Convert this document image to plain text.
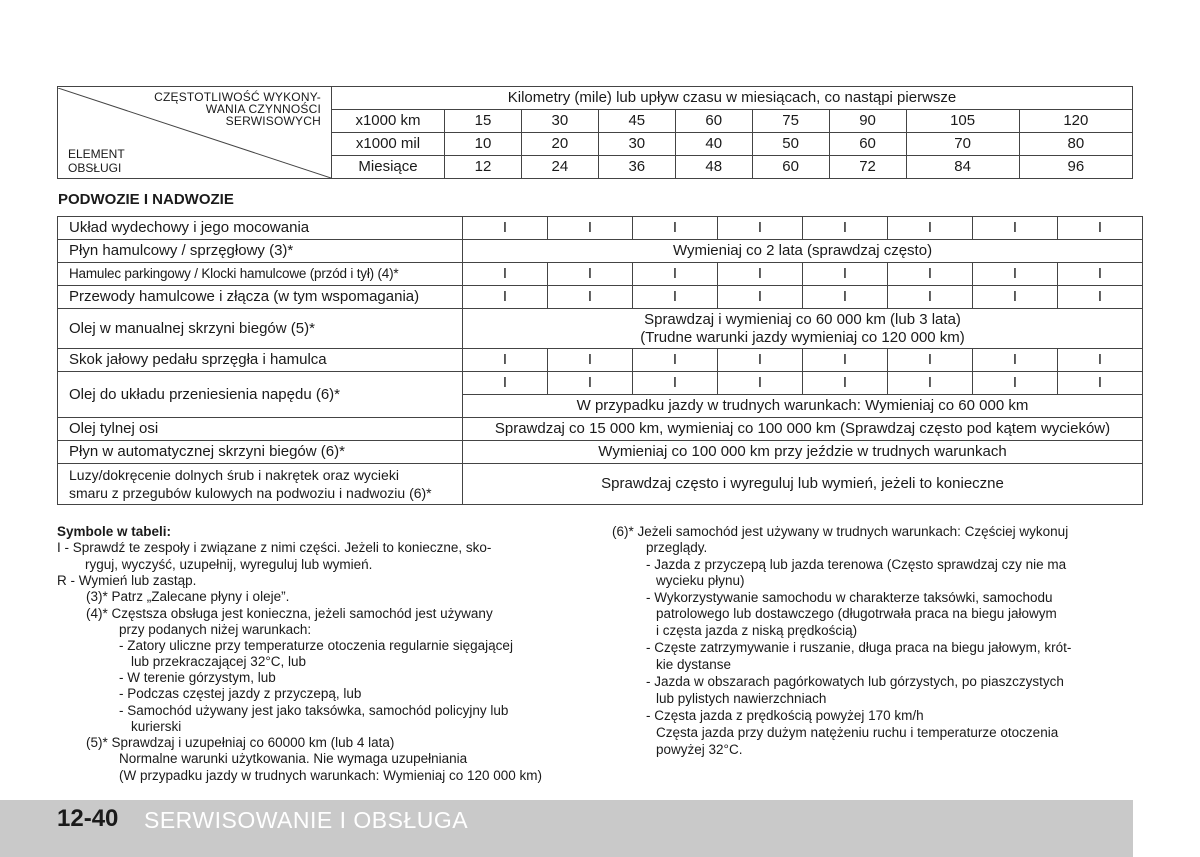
CZĘSTOTLIWOŚĆ WYKONY-
WANIA CZYNNOŚCI
SERWISOWYCH
ELEMENT
OBSŁUGI	Kilometry (mile) lub upływ czasu w miesiącach, co nastąpi pierwsze								
	x1000 km	15	30	45	60	75	90	105	120
	x1000 mil	10	20	30	40	50	60	70	80
	Miesiące	12	24	36	48	60	72	84	96
PODWOZIE I NADWOZIE
Układ wydechowy i jego mocowania	I	I	I	I	I	I	I	I
Płyn hamulcowy / sprzęgłowy (3)*	Wymieniaj co 2 lata (sprawdzaj często)							
Hamulec parkingowy / Klocki hamulcowe (przód i tył) (4)*	I	I	I	I	I	I	I	I
Przewody hamulcowe i złącza (w tym wspomagania)	I	I	I	I	I	I	I	I
Olej w manualnej skrzyni biegów (5)*	Sprawdzaj i wymieniaj co 60 000 km (lub 3 lata)
(Trudne warunki jazdy wymieniaj co 120 000 km)							

Skok jałowy pedału sprzęgła i hamulca	I	I	I	I	I	I	I	I
Olej do układu przeniesienia napędu (6)*	I	I	I	I	I	I	I	I
	W przypadku jazdy w trudnych warunkach: Wymieniaj co 60 000 km							
Olej tylnej osi	Sprawdzaj co 15 000 km, wymieniaj co 100 000 km (Sprawdzaj często pod kątem wycieków)							
Płyn w automatycznej skrzyni biegów (6)*	Wymieniaj co 100 000 km przy jeździe w trudnych warunkach							

Luzy/dokręcenie dolnych śrub i nakrętek oraz wycieki
smaru z przegubów kulowych na podwoziu i nadwoziu (6)*	Sprawdzaj często i wyreguluj lub wymień, jeżeli to konieczne							
Symbole w tabeli:
I - Sprawdź te zespoły i związane z nimi części. Jeżeli to konieczne, sko-
ryguj, wyczyść, uzupełnij, wyreguluj lub wymień.
R - Wymień lub zastąp.
(3)* Patrz „Zalecane płyny i oleje”.
(4)* Częstsza obsługa jest konieczna, jeżeli samochód jest używany
przy podanych niżej warunkach:
- Zatory uliczne przy temperaturze otoczenia regularnie sięgającej
lub przekraczającej 32°C, lub
- W terenie górzystym, lub
- Podczas częstej jazdy z przyczepą, lub
- Samochód używany jest jako taksówka, samochód policyjny lub
kurierski
(5)* Sprawdzaj i uzupełniaj co 60000 km (lub 4 lata)
Normalne warunki użytkowania. Nie wymaga uzupełniania
(W przypadku jazdy w trudnych warunkach: Wymieniaj co 120 000 km)
(6)* Jeżeli samochód jest używany w trudnych warunkach: Częściej wykonuj
przeglądy.
- Jazda z przyczepą lub jazda terenowa (Często sprawdzaj czy nie ma
wycieku płynu)
- Wykorzystywanie samochodu w charakterze taksówki, samochodu
patrolowego lub dostawczego (długotrwała praca na biegu jałowym
i częsta jazda z niską prędkością)
- Częste zatrzymywanie i ruszanie, długa praca na biegu jałowym, krót-
kie dystanse
- Jazda w obszarach pagórkowatych lub górzystych, po piaszczystych
lub pylistych nawierzchniach
- Częsta jazda z prędkością powyżej 170 km/h
Częsta jazda przy dużym natężeniu ruchu i temperaturze otoczenia
powyżej 32°C.
12-40 SERWISOWANIE I OBSŁUGA
